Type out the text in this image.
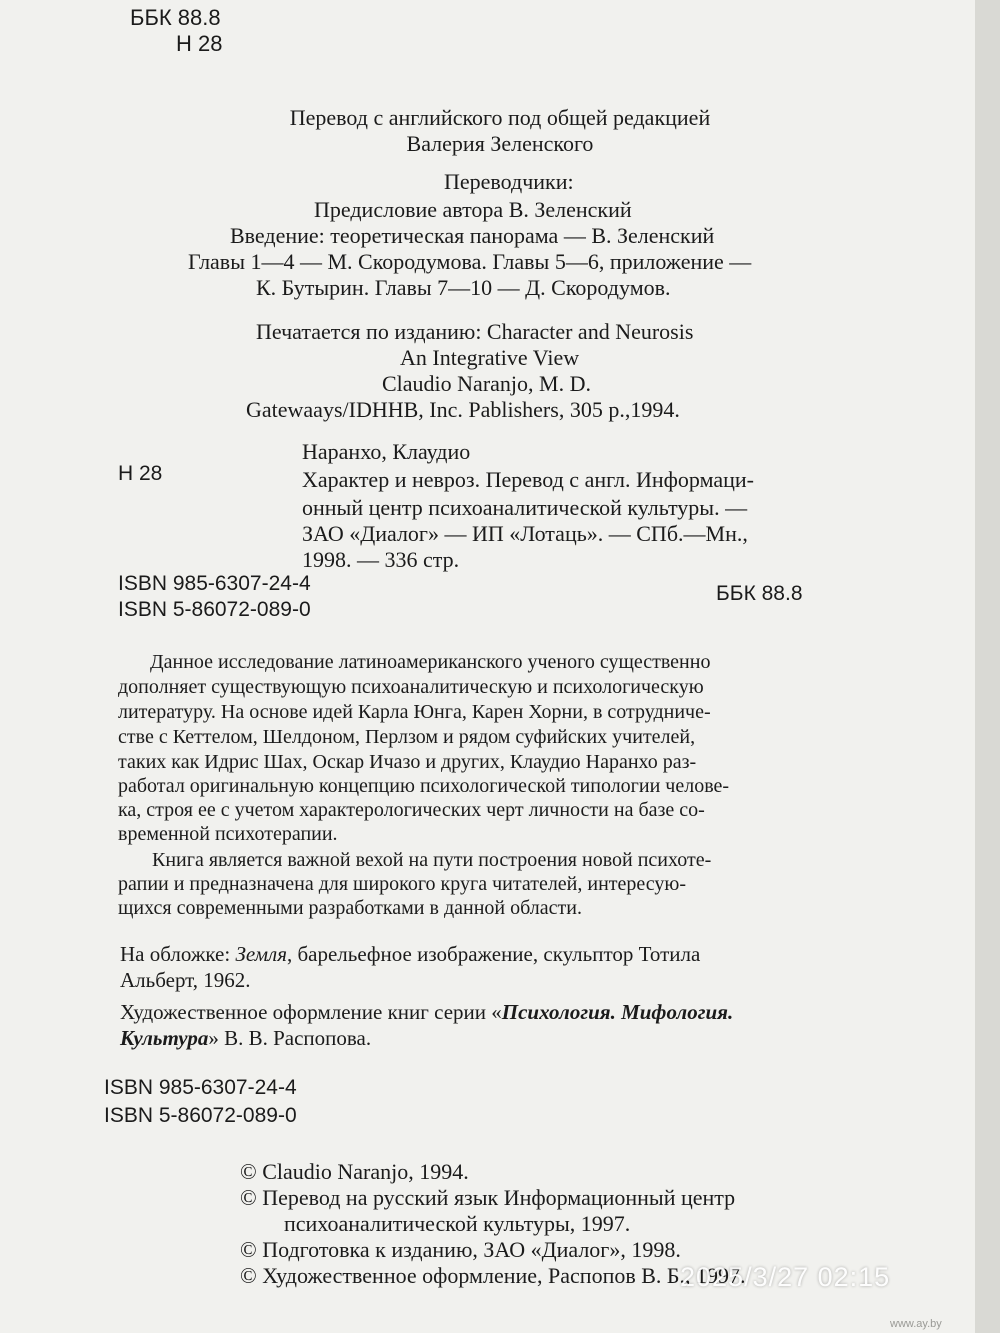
ББК 88.8
Н 28
Перевод с английского под общей редакцией
Валерия Зеленского
Переводчики:
Предисловие автора В. Зеленский
Введение: теоретическая панорама — В. Зеленский
Главы 1—4 — М. Скородумова. Главы 5—6, приложение —
К. Бутырин. Главы 7—10 — Д. Скородумов.
Печатается по изданию: Character and Neurosis
An Integrative View
Claudio Naranjo, M. D.
Gatewaays/IDHHB, Inc. Pablishers, 305 p.,1994.
Н 28
Наранхо, Клаудио
Характер и невроз. Перевод с англ. Информаци-
онный центр психоаналитической культуры. —
ЗАО «Диалог» — ИП «Лотаць». — СПб.—Мн.,
1998. — 336 стр.
ISBN 985-6307-24-4
ISBN 5-86072-089-0
ББК 88.8
Данное исследование латиноамериканского ученого существенно
дополняет существующую психоаналитическую и психологическую
литературу. На основе идей Карла Юнга, Карен Хорни, в сотрудниче-
стве с Кеттелом, Шелдоном, Перлзом и рядом суфийских учителей,
таких как Идрис Шах, Оскар Ичазо и других, Клаудио Наранхо раз-
работал оригинальную концепцию психологической типологии челове-
ка, строя ее с учетом характерологических черт личности на базе со-
временной психотерапии.
Книга является важной вехой на пути построения новой психоте-
рапии и предназначена для широкого круга читателей, интересую-
щихся современными разработками в данной области.
На обложке: Земля, барельефное изображение, скульптор Тотила
Альберт, 1962.
Художественное оформление книг серии «Психология. Мифология.
Культура» В. В. Распопова.
ISBN 985-6307-24-4
ISBN 5-86072-089-0
© Claudio Naranjo, 1994.
© Перевод на русский язык Информационный центр
психоаналитической культуры, 1997.
© Подготовка к изданию, ЗАО «Диалог», 1998.
© Художественное оформление, Распопов В. Б., 1997.
2025/3/27 02:15
www.ay.by
